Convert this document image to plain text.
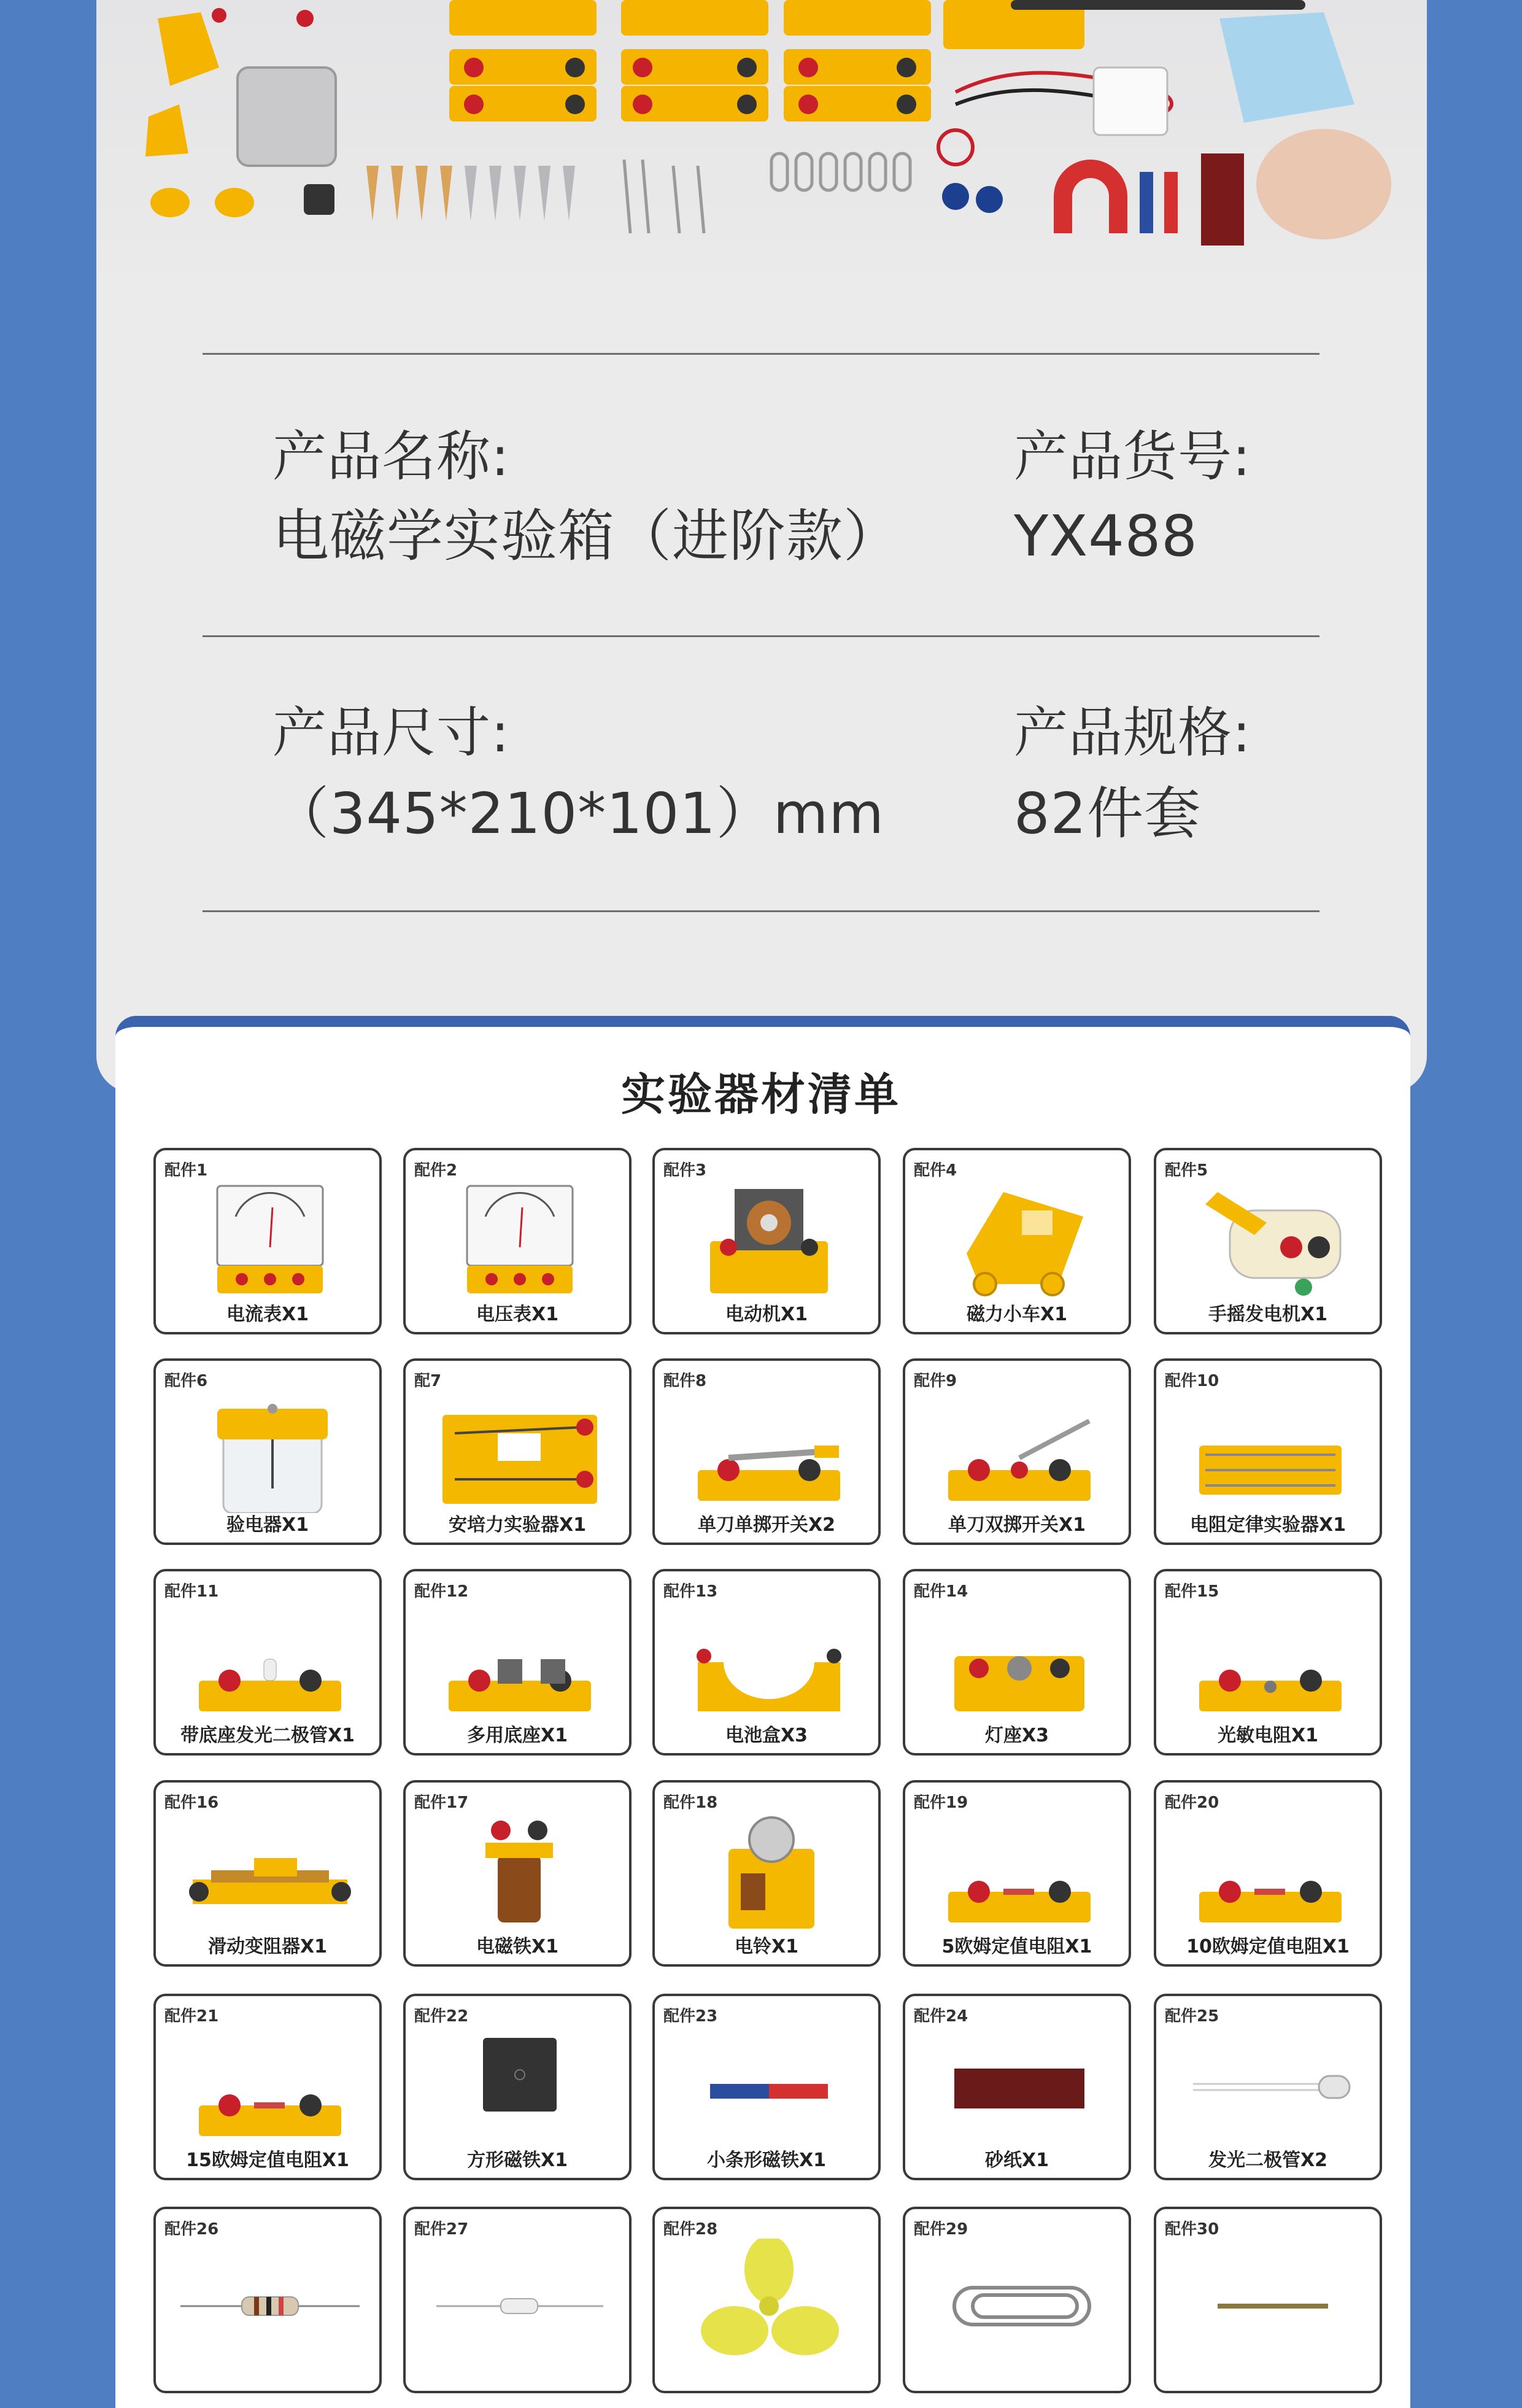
产品名称:
电磁学实验箱（进阶款）
产品货号:
YX488
产品尺寸:
（345*210*101）mm
产品规格:
82件套
实验器材清单
配件1
电流表X1
配件2
电压表X1
配件3
电动机X1
配件4
磁力小车X1
配件5
手摇发电机X1
配件6
验电器X1
配7
安培力实验器X1
配件8
单刀单掷开关X2
配件9
单刀双掷开关X1
配件10
电阻定律实验器X1
配件11
带底座发光二极管X1
配件12
多用底座X1
配件13
电池盒X3
配件14
灯座X3
配件15
光敏电阻X1
配件16
滑动变阻器X1
配件17
电磁铁X1
配件18
电铃X1
配件19
5欧姆定值电阻X1
配件20
10欧姆定值电阻X1
配件21
15欧姆定值电阻X1
配件22
方形磁铁X1
配件23
小条形磁铁X1
配件24
砂纸X1
配件25
发光二极管X2
配件26	配件27	配件28	配件29	配件30
